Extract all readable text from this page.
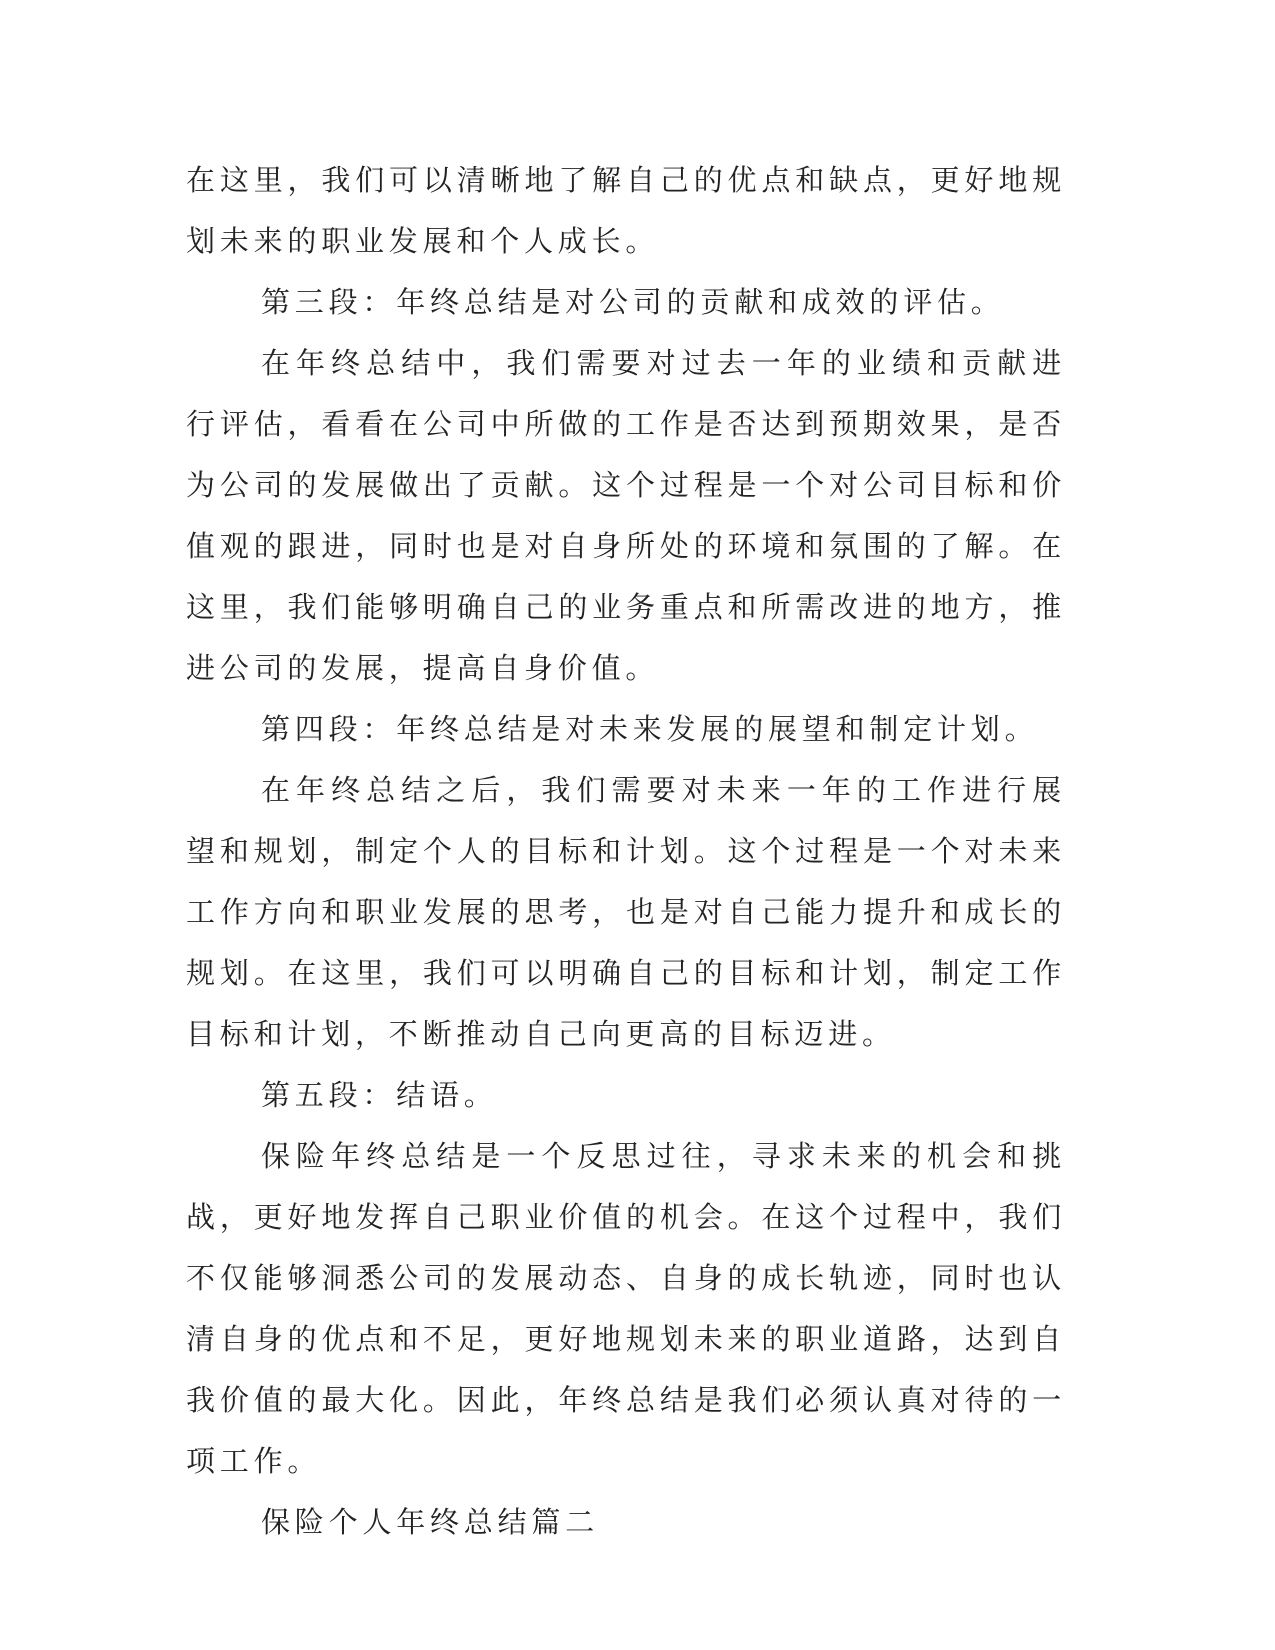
在这里，我们可以清晰地了解自己的优点和缺点，更好地规划未来的职业发展和个人成长。

第三段：年终总结是对公司的贡献和成效的评估。

在年终总结中，我们需要对过去一年的业绩和贡献进行评估，看看在公司中所做的工作是否达到预期效果，是否为公司的发展做出了贡献。这个过程是一个对公司目标和价值观的跟进，同时也是对自身所处的环境和氛围的了解。在这里，我们能够明确自己的业务重点和所需改进的地方，推进公司的发展，提高自身价值。

第四段：年终总结是对未来发展的展望和制定计划。

在年终总结之后，我们需要对未来一年的工作进行展望和规划，制定个人的目标和计划。这个过程是一个对未来工作方向和职业发展的思考，也是对自己能力提升和成长的规划。在这里，我们可以明确自己的目标和计划，制定工作目标和计划，不断推动自己向更高的目标迈进。

第五段：结语。

保险年终总结是一个反思过往，寻求未来的机会和挑战，更好地发挥自己职业价值的机会。在这个过程中，我们不仅能够洞悉公司的发展动态、自身的成长轨迹，同时也认清自身的优点和不足，更好地规划未来的职业道路，达到自我价值的最大化。因此，年终总结是我们必须认真对待的一项工作。

保险个人年终总结篇二
